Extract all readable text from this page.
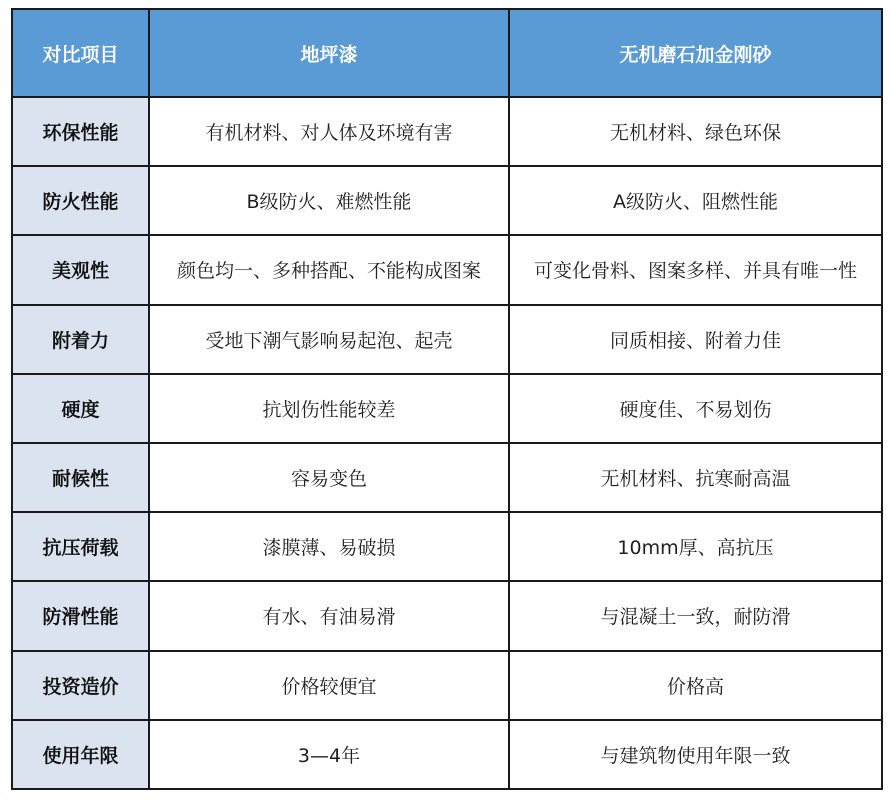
对比项目	地坪漆	无机磨石加金刚砂
环保性能	有机材料、对人体及环境有害	无机材料、绿色环保
防火性能	B级防火、难燃性能	A级防火、阻燃性能
美观性	颜色均一、多种搭配、不能构成图案	可变化骨料、图案多样、并具有唯一性
附着力	受地下潮气影响易起泡、起壳	同质相接、附着力佳
硬度	抗划伤性能较差	硬度佳、不易划伤
耐候性	容易变色	无机材料、抗寒耐高温
抗压荷载	漆膜薄、易破损	10mm厚、高抗压
防滑性能	有水、有油易滑	与混凝土一致，耐防滑
投资造价	价格较便宜	价格高
使用年限	3—4年	与建筑物使用年限一致
